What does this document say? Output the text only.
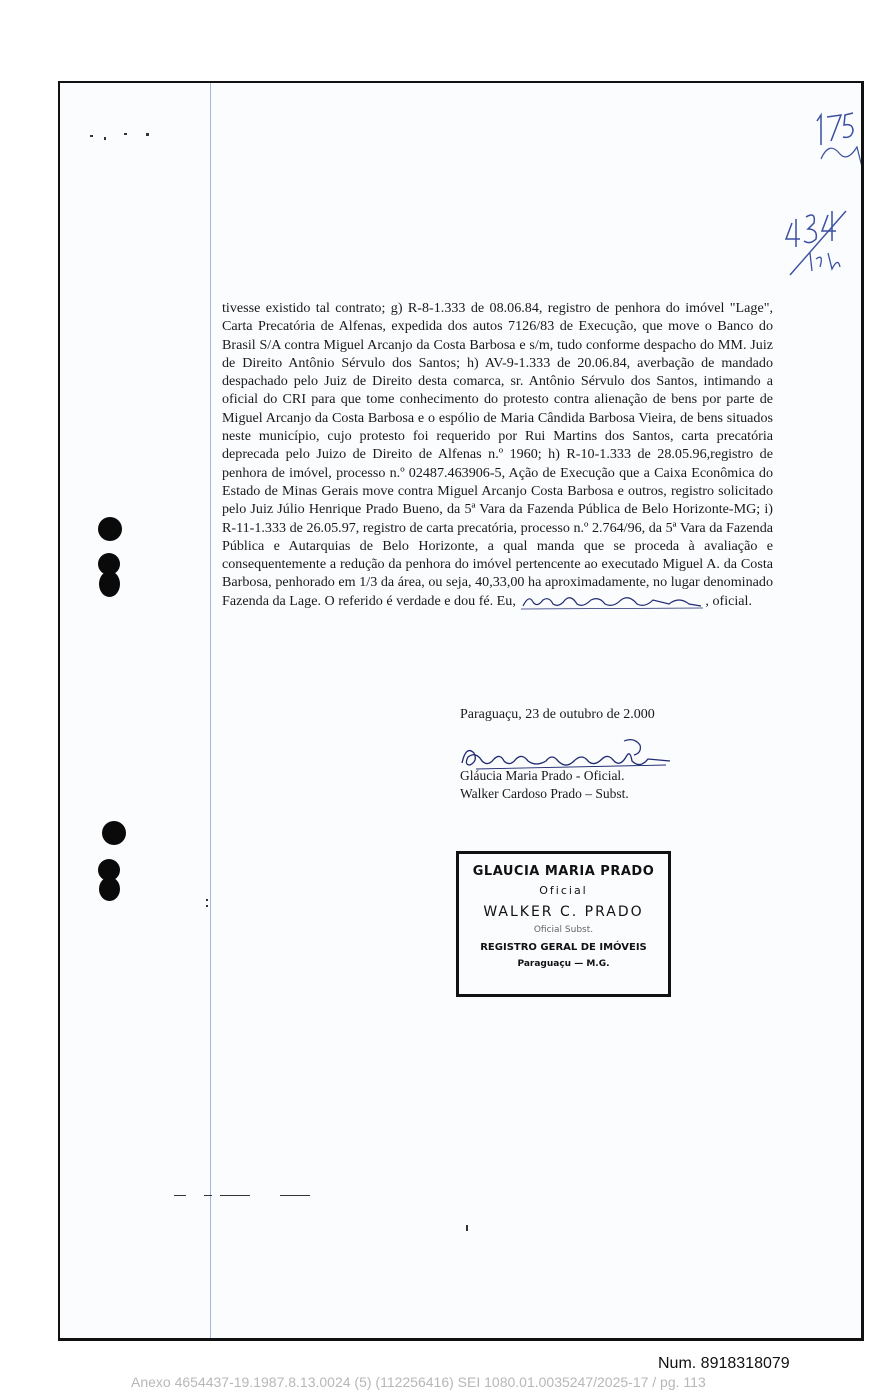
tivesse existido tal contrato; g) R-8-1.333 de 08.06.84, registro de penhora do imóvel "Lage", Carta Precatória de Alfenas, expedida dos autos 7126/83 de Execução, que move o Banco do Brasil S/A contra Miguel Arcanjo da Costa Barbosa e s/m, tudo conforme despacho do MM. Juiz de Direito Antônio Sérvulo dos Santos; h) AV-9-1.333 de 20.06.84, averbação de mandado despachado pelo Juiz de Direito desta comarca, sr. Antônio Sérvulo dos Santos, intimando a oficial do CRI para que tome conhecimento do protesto contra alienação de bens por parte de Miguel Arcanjo da Costa Barbosa e o espólio de Maria Cândida Barbosa Vieira, de bens situados neste município, cujo protesto foi requerido por Rui Martins dos Santos, carta precatória deprecada pelo Juizo de Direito de Alfenas n.º 1960; h) R-10-1.333 de 28.05.96,registro de penhora de imóvel, processo n.º 02487.463906-5, Ação de Execução que a Caixa Econômica do Estado de Minas Gerais move contra Miguel Arcanjo Costa Barbosa e outros, registro solicitado pelo Juiz Júlio Henrique Prado Bueno, da 5ª Vara da Fazenda Pública de Belo Horizonte-MG; i) R-11-1.333 de 26.05.97, registro de carta precatória, processo n.º 2.764/96, da 5ª Vara da Fazenda Pública e Autarquias de Belo Horizonte, a qual manda que se proceda à avaliação e consequentemente a redução da penhora do imóvel pertencente ao executado Miguel A. da Costa Barbosa, penhorado em 1/3 da área, ou seja, 40,33,00 ha aproximadamente, no lugar denominado Fazenda da Lage. O referido é verdade e dou fé. Eu,	, oficial.
Paraguaçu, 23 de outubro de 2.000
Gláucia Maria Prado - Oficial.
Walker Cardoso Prado – Subst.
GLAUCIA MARIA PRADO
Oficial
WALKER C. PRADO
Oficial Subst.
REGISTRO GERAL DE IMÓVEIS
Paraguaçu — M.G.
Num. 8918318079
Anexo 4654437-19.1987.8.13.0024 (5) (112256416) SEI 1080.01.0035247/2025-17 / pg. 113
